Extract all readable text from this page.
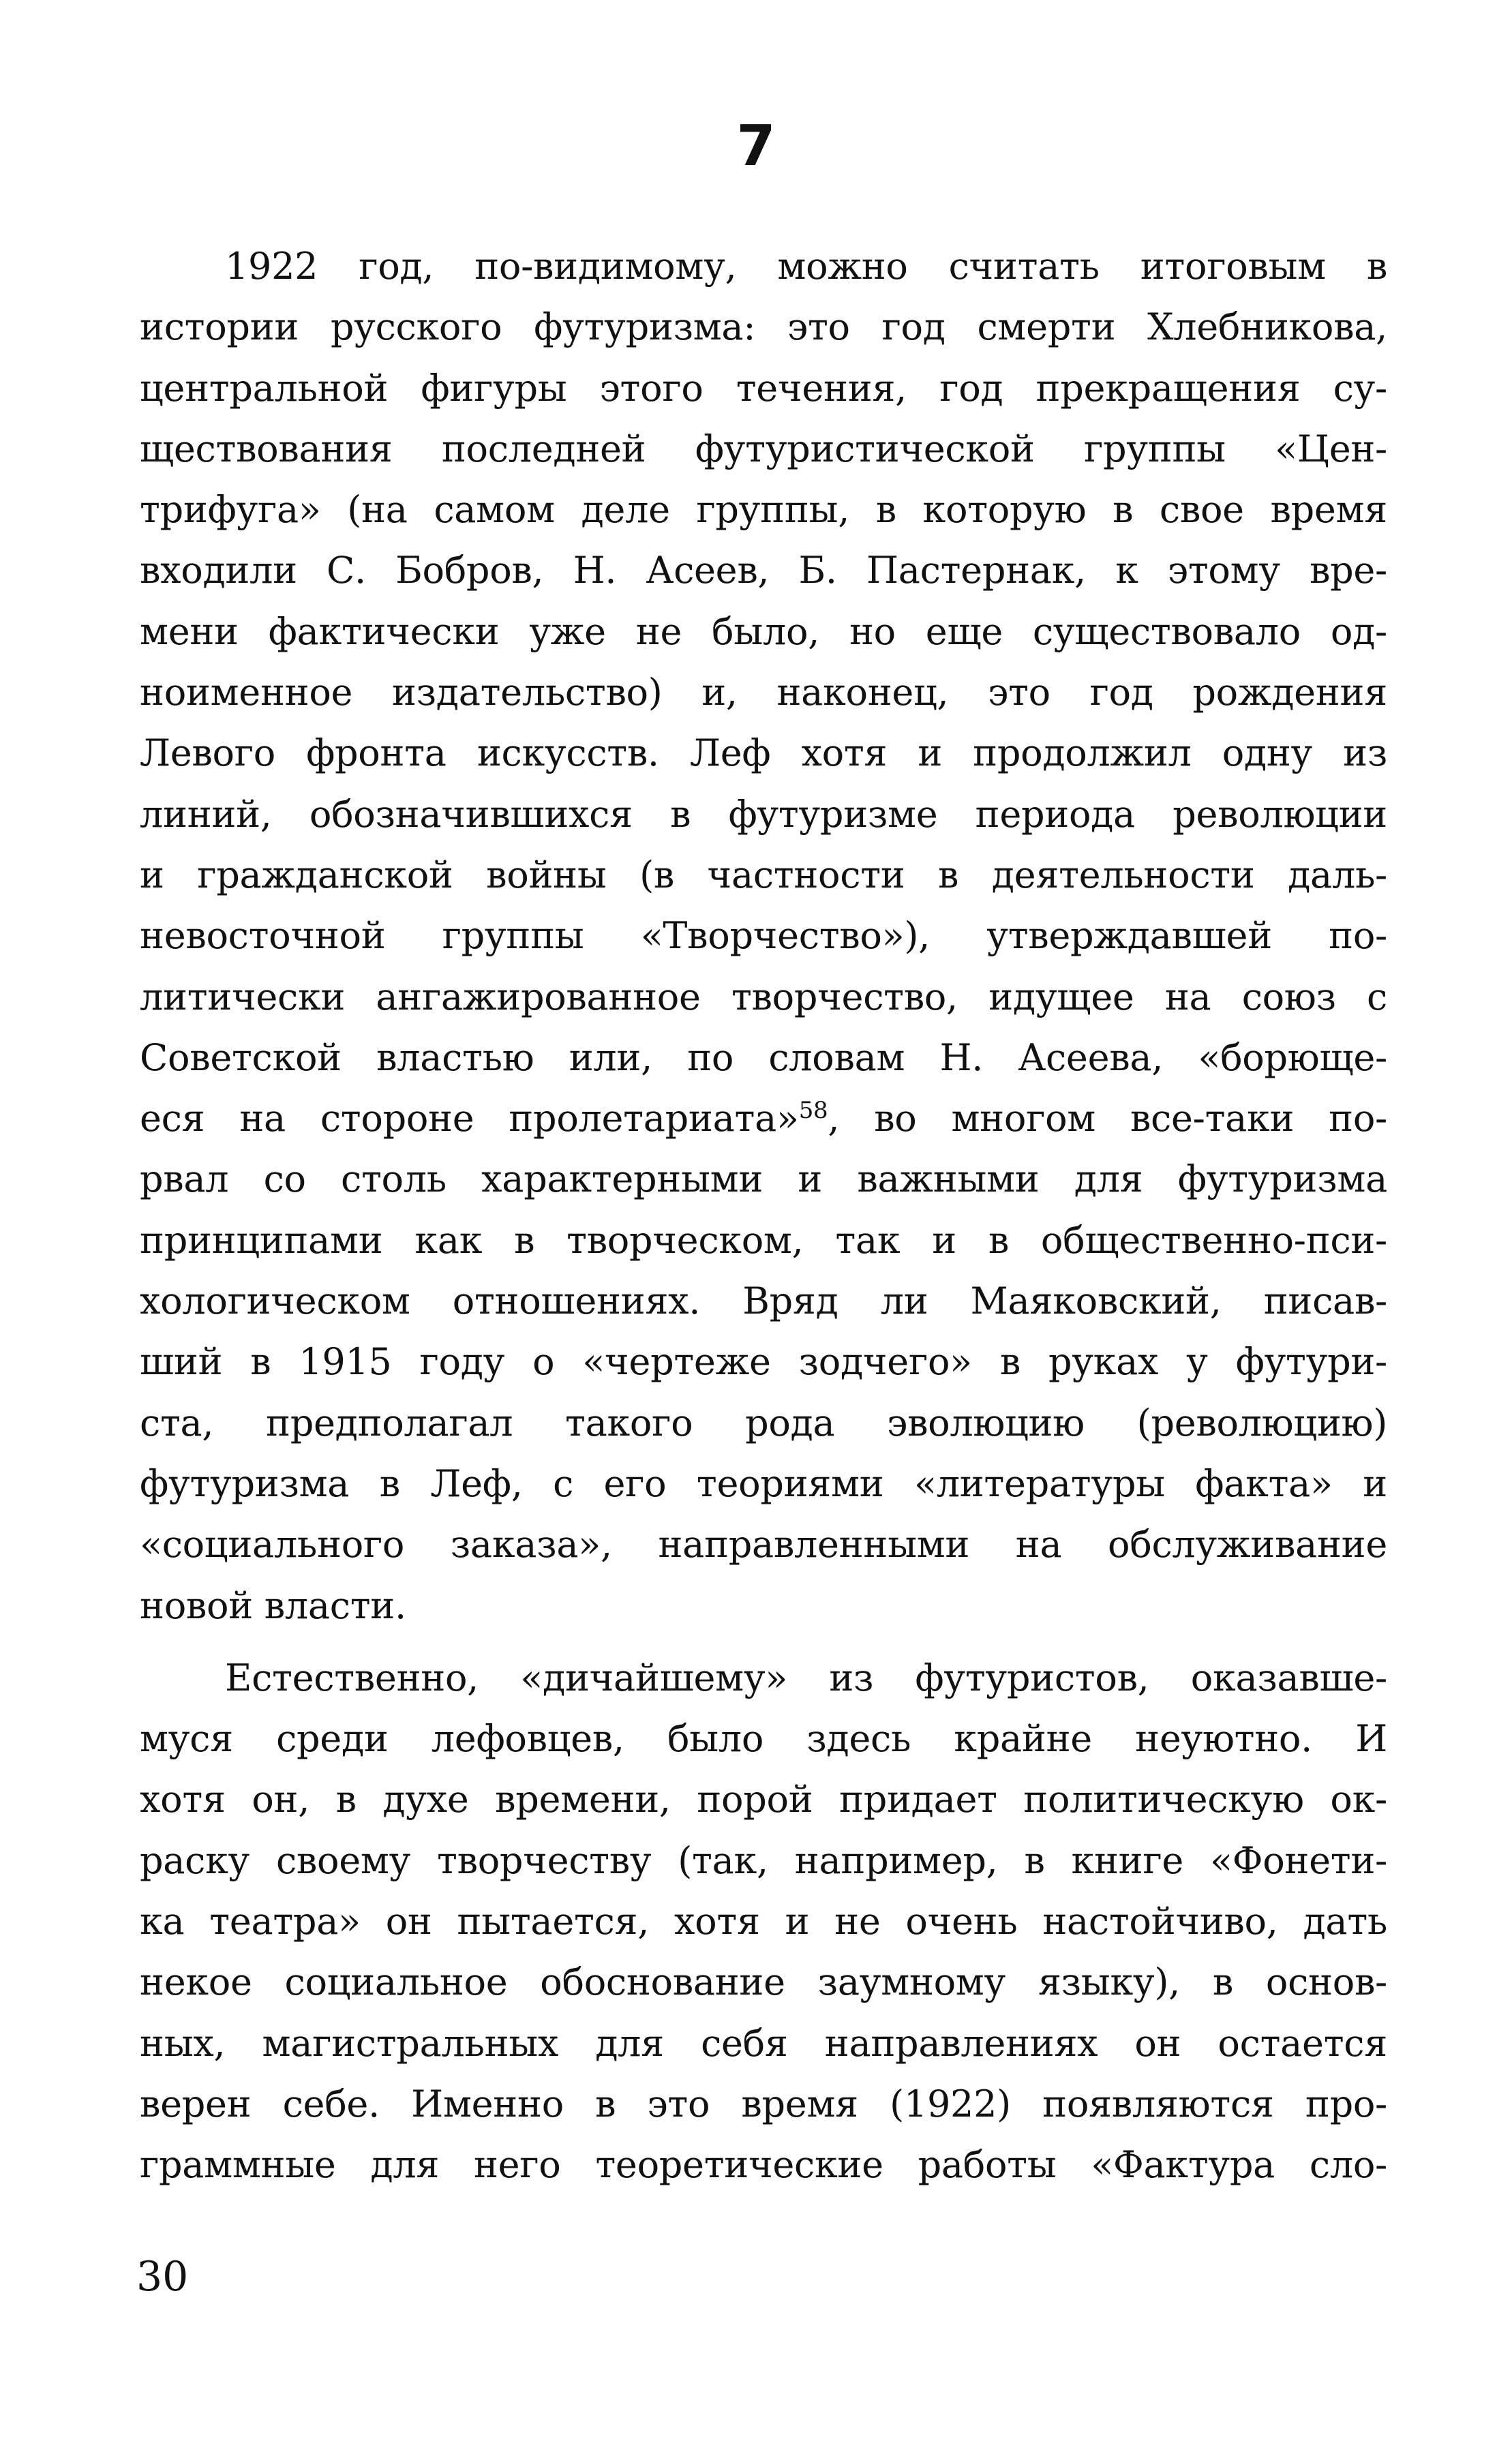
7
1922 год, по-видимому, можно считать итоговым в
истории русского футуризма: это год смерти Хлебникова,
центральной фигуры этого течения, год прекращения су-
ществования последней футуристической группы «Цен-
трифуга» (на самом деле группы, в которую в свое время
входили С. Бобров, Н. Асеев, Б. Пастернак, к этому вре-
мени фактически уже не было, но еще существовало од-
ноименное издательство) и, наконец, это год рождения
Левого фронта искусств. Леф хотя и продолжил одну из
линий, обозначившихся в футуризме периода революции
и гражданской войны (в частности в деятельности даль-
невосточной группы «Творчество»), утверждавшей по-
литически ангажированное творчество, идущее на союз с
Советской властью или, по словам Н. Асеева, «борюще-
еся на стороне пролетариата»$^{58}$, во многом все-таки по-
рвал со столь характерными и важными для футуризма
принципами как в творческом, так и в общественно-пси-
хологическом отношениях. Вряд ли Маяковский, писав-
ший в 1915 году о «чертеже зодчего» в руках у футури-
ста, предполагал такого рода эволюцию (революцию)
футуризма в Леф, с его теориями «литературы факта» и
«социального заказа», направленными на обслуживание
новой власти.
Естественно, «дичайшему» из футуристов, оказавше-
муся среди лефовцев, было здесь крайне неуютно. И
хотя он, в духе времени, порой придает политическую ок-
раску своему творчеству (так, например, в книге «Фонети-
ка театра» он пытается, хотя и не очень настойчиво, дать
некое социальное обоснование заумному языку), в основ-
ных, магистральных для себя направлениях он остается
верен себе. Именно в это время (1922) появляются про-
граммные для него теоретические работы «Фактура сло-
30
